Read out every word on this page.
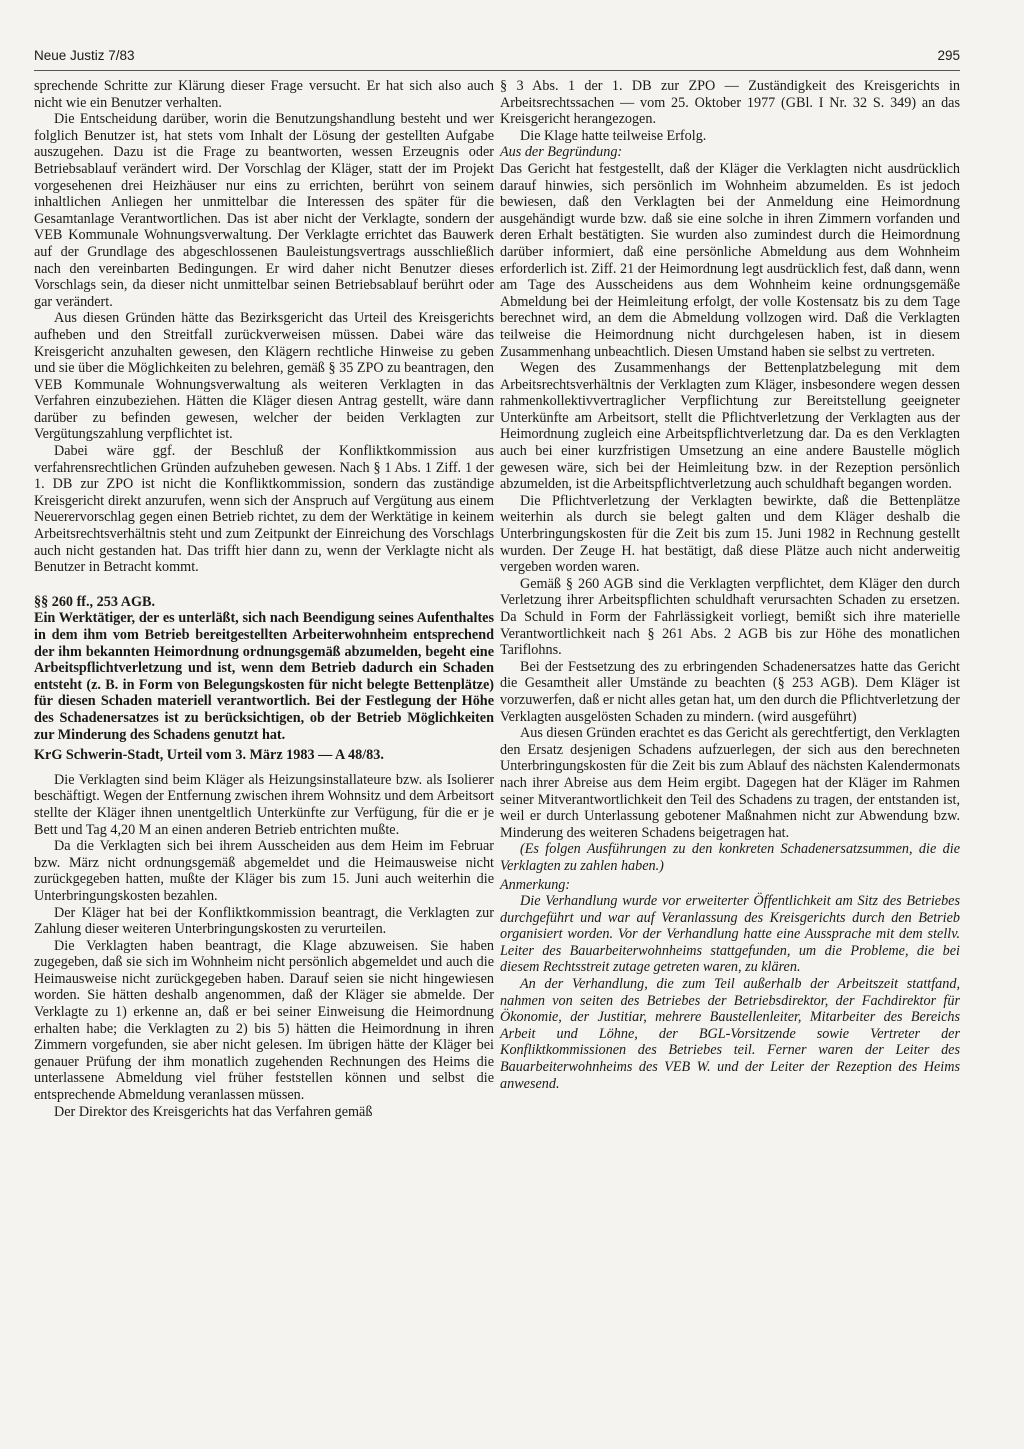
Neue Justiz 7/83	295

sprechende Schritte zur Klärung dieser Frage versucht. Er hat sich also auch nicht wie ein Benutzer verhalten.

Die Entscheidung darüber, worin die Benutzungshandlung besteht und wer folglich Benutzer ist, hat stets vom Inhalt der Lösung der gestellten Aufgabe auszugehen. Dazu ist die Frage zu beantworten, wessen Erzeugnis oder Betriebsablauf verändert wird. Der Vorschlag der Kläger, statt der im Projekt vorgesehenen drei Heizhäuser nur eins zu errichten, berührt von seinem inhaltlichen Anliegen her unmittelbar die Interessen des später für die Gesamtanlage Verantwortlichen. Das ist aber nicht der Verklagte, sondern der VEB Kommunale Wohnungsverwaltung. Der Verklagte errichtet das Bauwerk auf der Grundlage des abgeschlossenen Bauleistungsvertrags ausschließlich nach den vereinbarten Bedingungen. Er wird daher nicht Benutzer dieses Vorschlags sein, da dieser nicht unmittelbar seinen Betriebsablauf berührt oder gar verändert.

Aus diesen Gründen hätte das Bezirksgericht das Urteil des Kreisgerichts aufheben und den Streitfall zurückverweisen müssen. Dabei wäre das Kreisgericht anzuhalten gewesen, den Klägern rechtliche Hinweise zu geben und sie über die Möglichkeiten zu belehren, gemäß § 35 ZPO zu beantragen, den VEB Kommunale Wohnungsverwaltung als weiteren Verklagten in das Verfahren einzubeziehen. Hätten die Kläger diesen Antrag gestellt, wäre dann darüber zu befinden gewesen, welcher der beiden Verklagten zur Vergütungszahlung verpflichtet ist.

Dabei wäre ggf. der Beschluß der Konfliktkommission aus verfahrensrechtlichen Gründen aufzuheben gewesen. Nach § 1 Abs. 1 Ziff. 1 der 1. DB zur ZPO ist nicht die Konfliktkommission, sondern das zuständige Kreisgericht direkt anzurufen, wenn sich der Anspruch auf Vergütung aus einem Neuerervorschlag gegen einen Betrieb richtet, zu dem der Werktätige in keinem Arbeitsrechtsverhältnis steht und zum Zeitpunkt der Einreichung des Vorschlags auch nicht gestanden hat. Das trifft hier dann zu, wenn der Verklagte nicht als Benutzer in Betracht kommt.

§§ 260 ff., 253 AGB.

Ein Werktätiger, der es unterläßt, sich nach Beendigung seines Aufenthaltes in dem ihm vom Betrieb bereitgestellten Arbeiterwohnheim entsprechend der ihm bekannten Heimordnung ordnungsgemäß abzumelden, begeht eine Arbeitspflichtverletzung und ist, wenn dem Betrieb dadurch ein Schaden entsteht (z. B. in Form von Belegungskosten für nicht belegte Bettenplätze) für diesen Schaden materiell verantwortlich. Bei der Festlegung der Höhe des Schadenersatzes ist zu berücksichtigen, ob der Betrieb Möglichkeiten zur Minderung des Schadens genutzt hat.

KrG Schwerin-Stadt, Urteil vom 3. März 1983 — A 48/83.

Die Verklagten sind beim Kläger als Heizungsinstallateure bzw. als Isolierer beschäftigt. Wegen der Entfernung zwischen ihrem Wohnsitz und dem Arbeitsort stellte der Kläger ihnen unentgeltlich Unterkünfte zur Verfügung, für die er je Bett und Tag 4,20 M an einen anderen Betrieb entrichten mußte.

Da die Verklagten sich bei ihrem Ausscheiden aus dem Heim im Februar bzw. März nicht ordnungsgemäß abgemeldet und die Heimausweise nicht zurückgegeben hatten, mußte der Kläger bis zum 15. Juni auch weiterhin die Unterbringungskosten bezahlen.

Der Kläger hat bei der Konfliktkommission beantragt, die Verklagten zur Zahlung dieser weiteren Unterbringungskosten zu verurteilen.

Die Verklagten haben beantragt, die Klage abzuweisen. Sie haben zugegeben, daß sie sich im Wohnheim nicht persönlich abgemeldet und auch die Heimausweise nicht zurückgegeben haben. Darauf seien sie nicht hingewiesen worden. Sie hätten deshalb angenommen, daß der Kläger sie abmelde. Der Verklagte zu 1) erkenne an, daß er bei seiner Einweisung die Heimordnung erhalten habe; die Verklagten zu 2) bis 5) hätten die Heimordnung in ihren Zimmern vorgefunden, sie aber nicht gelesen. Im übrigen hätte der Kläger bei genauer Prüfung der ihm monatlich zugehenden Rechnungen des Heims die unterlassene Abmeldung viel früher feststellen können und selbst die entsprechende Abmeldung veranlassen müssen.

Der Direktor des Kreisgerichts hat das Verfahren gemäß

§ 3 Abs. 1 der 1. DB zur ZPO — Zuständigkeit des Kreisgerichts in Arbeitsrechtssachen — vom 25. Oktober 1977 (GBl. I Nr. 32 S. 349) an das Kreisgericht herangezogen.

Die Klage hatte teilweise Erfolg.

Aus der Begründung:

Das Gericht hat festgestellt, daß der Kläger die Verklagten nicht ausdrücklich darauf hinwies, sich persönlich im Wohnheim abzumelden. Es ist jedoch bewiesen, daß den Verklagten bei der Anmeldung eine Heimordnung ausgehändigt wurde bzw. daß sie eine solche in ihren Zimmern vorfanden und deren Erhalt bestätigten. Sie wurden also zumindest durch die Heimordnung darüber informiert, daß eine persönliche Abmeldung aus dem Wohnheim erforderlich ist. Ziff. 21 der Heimordnung legt ausdrücklich fest, daß dann, wenn am Tage des Ausscheidens aus dem Wohnheim keine ordnungsgemäße Abmeldung bei der Heimleitung erfolgt, der volle Kostensatz bis zu dem Tage berechnet wird, an dem die Abmeldung vollzogen wird. Daß die Verklagten teilweise die Heimordnung nicht durchgelesen haben, ist in diesem Zusammenhang unbeachtlich. Diesen Umstand haben sie selbst zu vertreten.

Wegen des Zusammenhangs der Bettenplatzbelegung mit dem Arbeitsrechtsverhältnis der Verklagten zum Kläger, insbesondere wegen dessen rahmenkollektivvertraglicher Verpflichtung zur Bereitstellung geeigneter Unterkünfte am Arbeitsort, stellt die Pflichtverletzung der Verklagten aus der Heimordnung zugleich eine Arbeitspflichtverletzung dar. Da es den Verklagten auch bei einer kurzfristigen Umsetzung an eine andere Baustelle möglich gewesen wäre, sich bei der Heimleitung bzw. in der Rezeption persönlich abzumelden, ist die Arbeitspflichtverletzung auch schuldhaft begangen worden.

Die Pflichtverletzung der Verklagten bewirkte, daß die Bettenplätze weiterhin als durch sie belegt galten und dem Kläger deshalb die Unterbringungskosten für die Zeit bis zum 15. Juni 1982 in Rechnung gestellt wurden. Der Zeuge H. hat bestätigt, daß diese Plätze auch nicht anderweitig vergeben worden waren.

Gemäß § 260 AGB sind die Verklagten verpflichtet, dem Kläger den durch Verletzung ihrer Arbeitspflichten schuldhaft verursachten Schaden zu ersetzen. Da Schuld in Form der Fahrlässigkeit vorliegt, bemißt sich ihre materielle Verantwortlichkeit nach § 261 Abs. 2 AGB bis zur Höhe des monatlichen Tariflohns.

Bei der Festsetzung des zu erbringenden Schadenersatzes hatte das Gericht die Gesamtheit aller Umstände zu beachten (§ 253 AGB). Dem Kläger ist vorzuwerfen, daß er nicht alles getan hat, um den durch die Pflichtverletzung der Verklagten ausgelösten Schaden zu mindern. (wird ausgeführt)

Aus diesen Gründen erachtet es das Gericht als gerechtfertigt, den Verklagten den Ersatz desjenigen Schadens aufzuerlegen, der sich aus den berechneten Unterbringungskosten für die Zeit bis zum Ablauf des nächsten Kalendermonats nach ihrer Abreise aus dem Heim ergibt. Dagegen hat der Kläger im Rahmen seiner Mitverantwortlichkeit den Teil des Schadens zu tragen, der entstanden ist, weil er durch Unterlassung gebotener Maßnahmen nicht zur Abwendung bzw. Minderung des weiteren Schadens beigetragen hat.

(Es folgen Ausführungen zu den konkreten Schadenersatzsummen, die die Verklagten zu zahlen haben.)

Anmerkung:

Die Verhandlung wurde vor erweiterter Öffentlichkeit am Sitz des Betriebes durchgeführt und war auf Veranlassung des Kreisgerichts durch den Betrieb organisiert worden. Vor der Verhandlung hatte eine Aussprache mit dem stellv. Leiter des Bauarbeiterwohnheims stattgefunden, um die Probleme, die bei diesem Rechtsstreit zutage getreten waren, zu klären.

An der Verhandlung, die zum Teil außerhalb der Arbeitszeit stattfand, nahmen von seiten des Betriebes der Betriebsdirektor, der Fachdirektor für Ökonomie, der Justitiar, mehrere Baustellenleiter, Mitarbeiter des Bereichs Arbeit und Löhne, der BGL-Vorsitzende sowie Vertreter der Konfliktkommissionen des Betriebes teil. Ferner waren der Leiter des Bauarbeiterwohnheims des VEB W. und der Leiter der Rezeption des Heims anwesend.
